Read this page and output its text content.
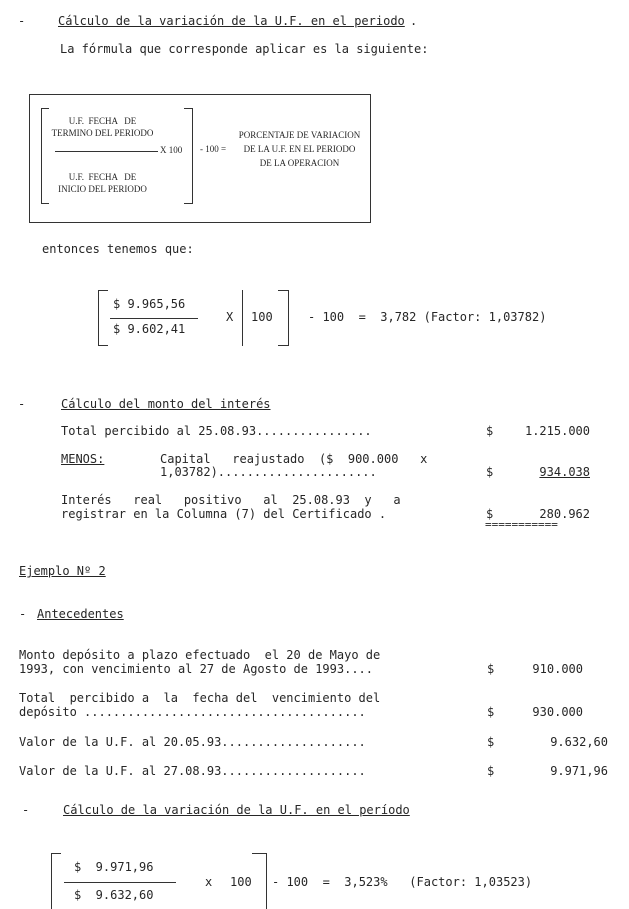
-	Cálculo de la variación de la U.F. en el periodo .
La fórmula que corresponde aplicar es la siguiente:
U.F.  FECHA   DE
TERMINO DEL PERIODO
X 100
U.F.  FECHA   DE
INICIO DEL PERIODO
- 100 =
PORCENTAJE DE VARIACION
DE LA U.F. EN EL PERIODO
DE LA OPERACION
entonces tenemos que:
$ 9.965,56
$ 9.602,41
X 100	- 100  =  3,782 (Factor: 1,03782)
-	Cálculo del monto del interés
Total percibido al 25.08.93................	$	1.215.000
MENOS:	Capital   reajustado  ($  900.000   x
1,03782)......................	$	934.038
Interés   real   positivo   al  25.08.93  y   a
registrar en la Columna (7) del Certificado .	$	280.962
===========
Ejemplo Nº 2
- Antecedentes
Monto depósito a plazo efectuado  el 20 de Mayo de
1993, con vencimiento al 27 de Agosto de 1993....	$	910.000
Total  percibido a  la  fecha del  vencimiento del
depósito .......................................	$	930.000
Valor de la U.F. al 20.05.93....................	$	9.632,60
Valor de la U.F. al 27.08.93....................	$	9.971,96
-	Cálculo de la variación de la U.F. en el período
$  9.971,96
$  9.632,60
x 100 - 100  =  3,523%   (Factor: 1,03523)
